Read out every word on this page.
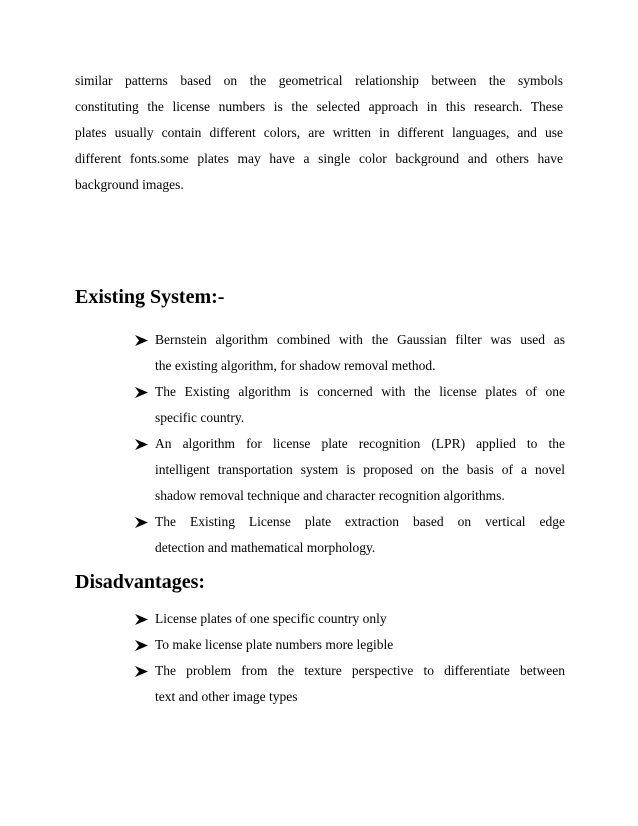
similar patterns based on the geometrical relationship between the symbols
constituting the license numbers is the selected approach in this research. These
plates usually contain different colors, are written in different languages, and use
different fonts.some plates may have a single color background and others have
background images.

Existing System:-
Bernstein algorithm combined with the Gaussian filter was used as
the existing algorithm, for shadow removal method.
The Existing algorithm is concerned with the license plates of one
specific country.
An algorithm for license plate recognition (LPR) applied to the
intelligent transportation system is proposed on the basis of a novel
shadow removal technique and character recognition algorithms.
The Existing License plate extraction based on vertical edge
detection and mathematical morphology.
Disadvantages:
License plates of one specific country only
To make license plate numbers more legible
The problem from the texture perspective to differentiate between
text and other image types
